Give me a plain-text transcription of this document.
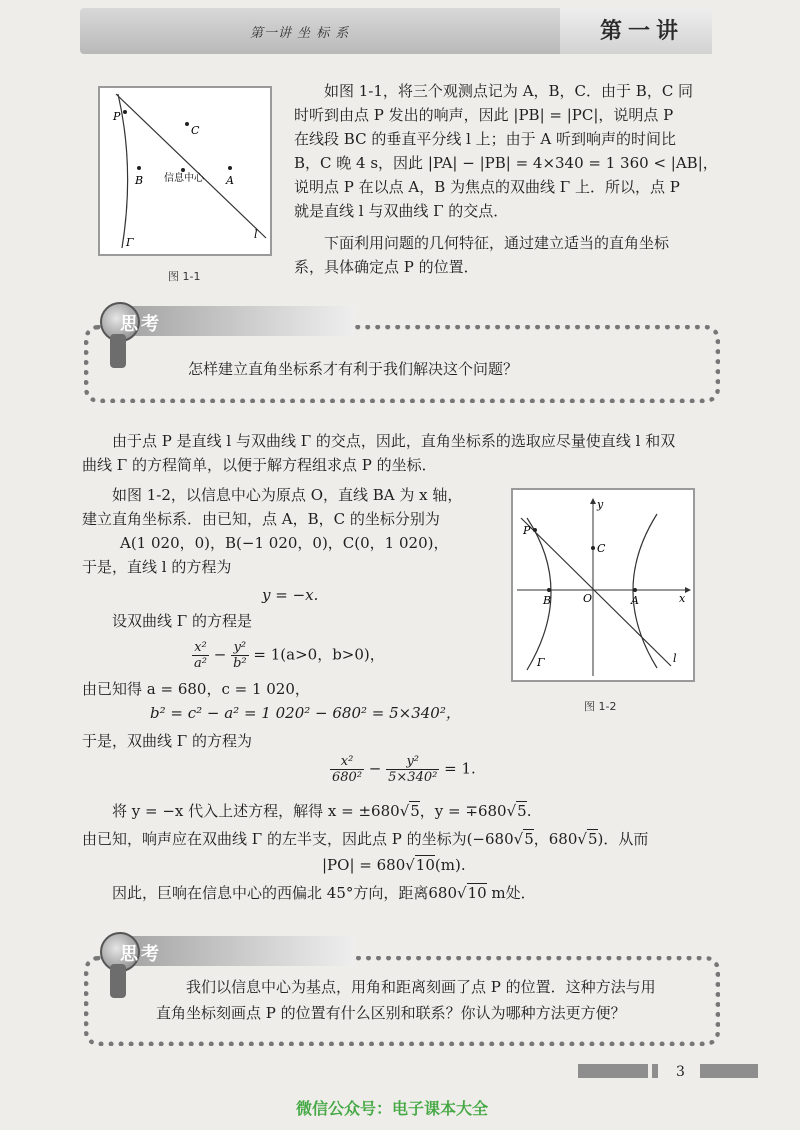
第一讲 坐 标 系	第一讲
P
C
B 信息中心 A
Γ
l
图 1-1
如图 1-1，将三个观测点记为 A，B，C．由于 B，C 同
时听到由点 P 发出的响声，因此 |PB| = |PC|，说明点 P
在线段 BC 的垂直平分线 l 上；由于 A 听到响声的时间比
B，C 晚 4 s，因此 |PA| − |PB| = 4×340 = 1 360 < |AB|，
说明点 P 在以点 A，B 为焦点的双曲线 Γ 上．所以，点 P
就是直线 l 与双曲线 Γ 的交点．
下面利用问题的几何特征，通过建立适当的直角坐标
系，具体确定点 P 的位置．
思考
怎样建立直角坐标系才有利于我们解决这个问题？
由于点 P 是直线 l 与双曲线 Γ 的交点，因此，直角坐标系的选取应尽量使直线 l 和双
曲线 Γ 的方程简单，以便于解方程组求点 P 的坐标．
如图 1-2，以信息中心为原点 O，直线 BA 为 x 轴，
建立直角坐标系．由已知，点 A，B，C 的坐标分别为
A(1 020，0)，B(−1 020，0)，C(0，1 020)，
于是，直线 l 的方程为
y = −x.
设双曲线 Γ 的方程是
$\frac{\text{x²}}{\text{a²}} - \frac{\text{y²}}{\text{b²}} = 1(a>0$，b>0)，
由已知得 a = 680，c = 1 020，
b² = c² − a² = 1 020² − 680² = 5×340²，
于是，双曲线 Γ 的方程为
$\frac{\text{x²}}{\text{680²}} - \frac{\text{y²}}{\text{5×340²}} = 1$.
将 y = −x 代入上述方程，解得 x = ±680√5，y = ∓680√5.
由已知，响声应在双曲线 Γ 的左半支，因此点 P 的坐标为(−680√5，680√5)．从而
|PO| = 680√10(m).
因此，巨响在信息中心的西偏北 45°方向，距离680√10 m处．
y
x
P
C
B	O	A
Γ	l
图 1-2
思考
我们以信息中心为基点，用角和距离刻画了点 P 的位置．这种方法与用
直角坐标刻画点 P 的位置有什么区别和联系？你认为哪种方法更方便？
3
微信公众号：电子课本大全
